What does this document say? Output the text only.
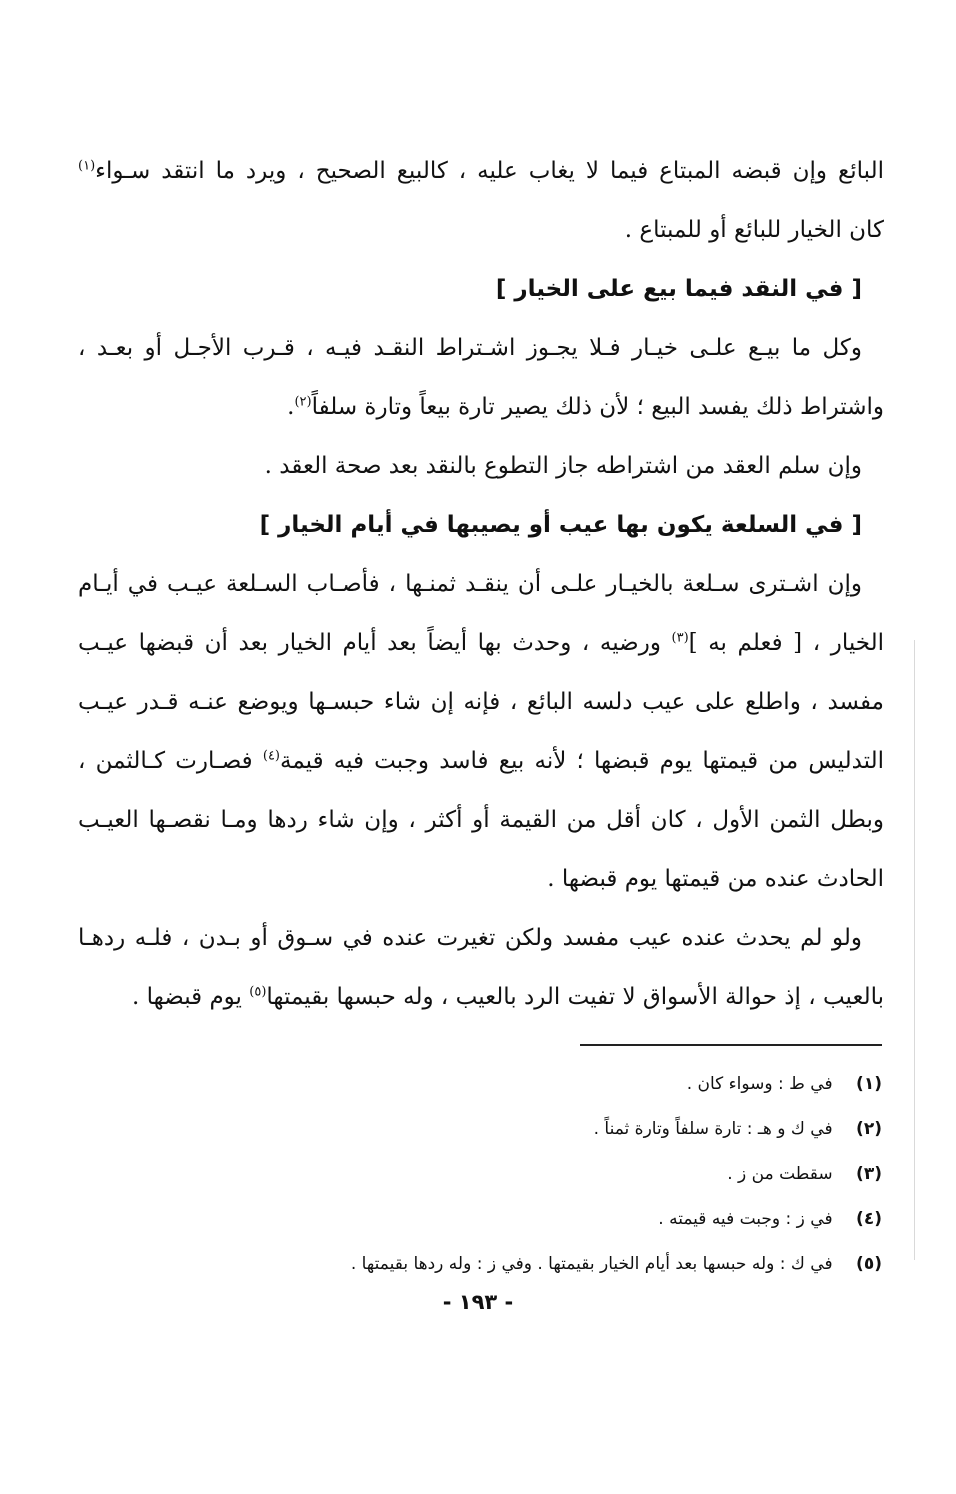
البائع وإن قبضه المبتاع فيما لا يغاب عليه ، كالبيع الصحيح ، ويرد ما انتقد سـواء$^{(١)}$
كان الخيار للبائع أو للمبتاع .
[ في النقد فيما بيع على الخيار ]
وكل ما بيـع علـى خيـار فـلا يجـوز اشـتراط النقـد فيـه ، قـرب الأجـل أو بعـد ،
واشتراط ذلك يفسد البيع ؛ لأن ذلك يصير تارة بيعاً وتارة سلفاً$^{(٢)}$.
وإن سلم العقد من اشتراطه جاز التطوع بالنقد بعد صحة العقد .
[ في السلعة يكون بها عيب أو يصيبها في أيام الخيار ]
وإن اشـترى سـلعة بالخيـار علـى أن ينقـد ثمنـها ، فأصـاب السـلعة عيـب في أيـام
الخيار ، [ فعلم به ]$^{(٣)}$ ورضيه ، وحدث بها أيضاً بعد أيام الخيار بعد أن قبضها عيـب
مفسد ، واطلع على عيب دلسه البائع ، فإنه إن شاء حبسـها ويوضع عنـه قـدر عيـب
التدليس من قيمتها يوم قبضها ؛ لأنه بيع فاسد وجبت فيه قيمة$^{(٤)}$ فصـارت كـالثمن ،
وبطل الثمن الأول ، كان أقل من القيمة أو أكثر ، وإن شاء ردها ومـا نقصـها العيـب
الحادث عنده من قيمتها يوم قبضها .
ولو لم يحدث عنده عيب مفسد ولكن تغيرت عنده في سـوق أو بـدن ، فلـه ردهـا
بالعيب ، إذ حوالة الأسواق لا تفيت الرد بالعيب ، وله حبسها بقيمتها$^{(٥)}$ يوم قبضها .
(١) في ط : وسواء كان .
(٢) في ك و هـ : تارة سلفاً وتارة ثمناً .
(٣) سقطت من ز .
(٤) في ز : وجبت فيه قيمته .
(٥) في ك : وله حبسها بعد أيام الخيار بقيمتها . وفي ز : وله ردها بقيمتها .
- ١٩٣ -
